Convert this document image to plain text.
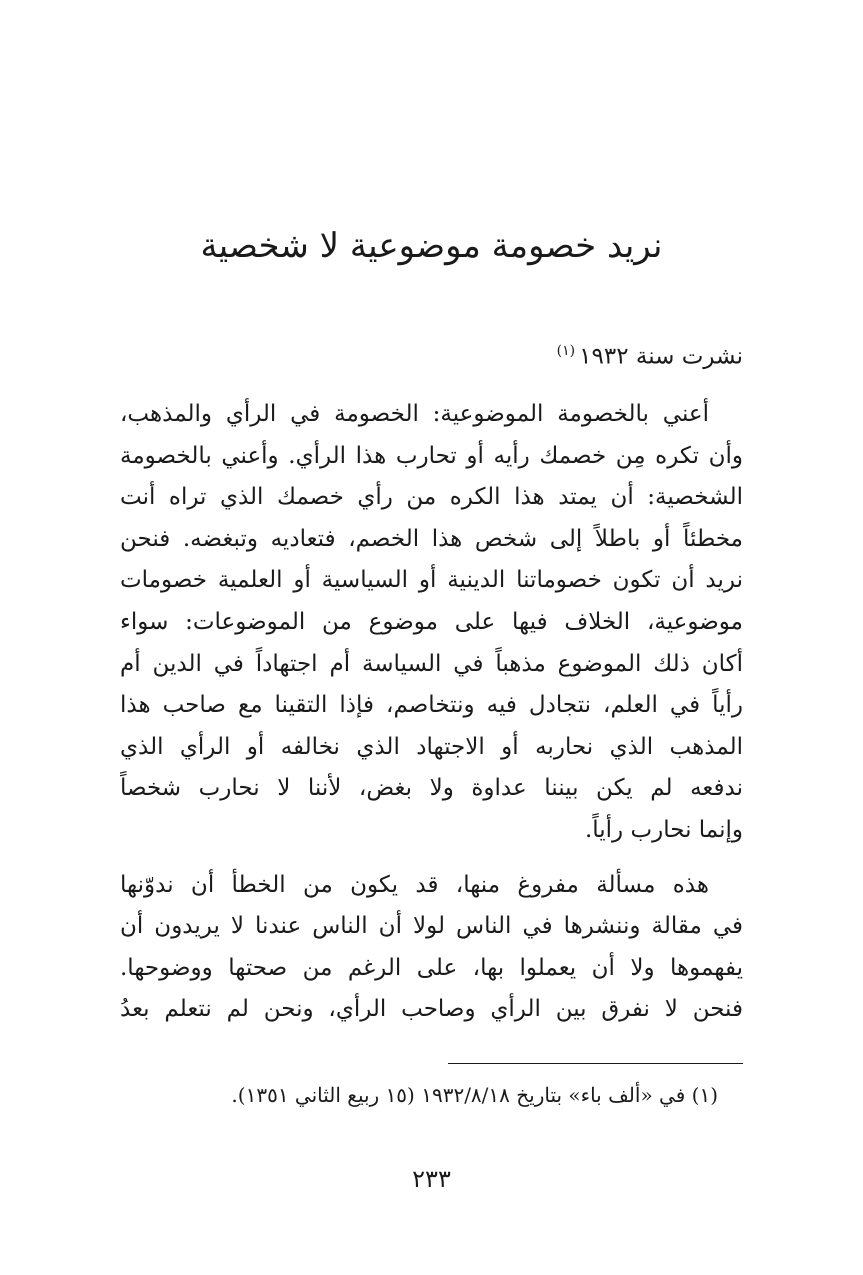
نريد خصومة موضوعية لا شخصية

نشرت سنة ١٩٣٢$^{(١)}$

أعني بالخصومة الموضوعية: الخصومة في الرأي والمذهب،
وأن تكره مِن خصمك رأيه أو تحارب هذا الرأي. وأعني بالخصومة
الشخصية: أن يمتد هذا الكره من رأي خصمك الذي تراه أنت
مخطئاً أو باطلاً إلى شخص هذا الخصم، فتعاديه وتبغضه. فنحن
نريد أن تكون خصوماتنا الدينية أو السياسية أو العلمية خصومات
موضوعية، الخلاف فيها على موضوع من الموضوعات: سواء
أكان ذلك الموضوع مذهباً في السياسة أم اجتهاداً في الدين أم
رأياً في العلم، نتجادل فيه ونتخاصم، فإذا التقينا مع صاحب هذا
المذهب الذي نحاربه أو الاجتهاد الذي نخالفه أو الرأي الذي
ندفعه لم يكن بيننا عداوة ولا بغض، لأننا لا نحارب شخصاً
وإنما نحارب رأياً.

هذه مسألة مفروغ منها، قد يكون من الخطأ أن ندوّنها
في مقالة وننشرها في الناس لولا أن الناس عندنا لا يريدون أن
يفهموها ولا أن يعملوا بها، على الرغم من صحتها ووضوحها.
فنحن لا نفرق بين الرأي وصاحب الرأي، ونحن لم نتعلم بعدُ

(١) في «ألف باء» بتاريخ ١٩٣٢/٨/١٨ (١٥ ربيع الثاني ١٣٥١).

٢٣٣
